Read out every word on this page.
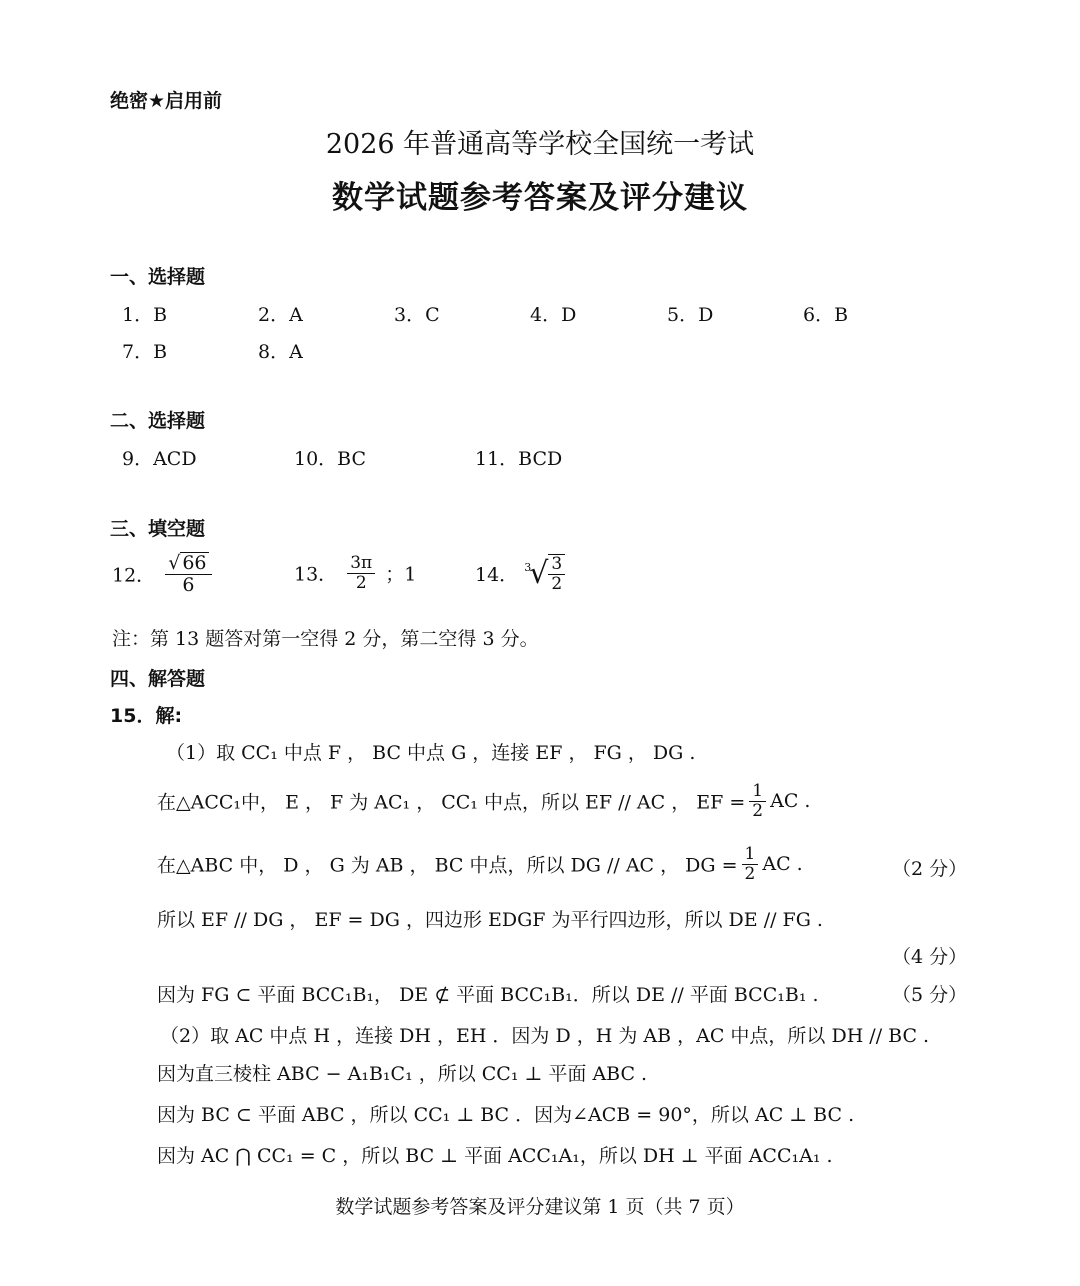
绝密★启用前
2026 年普通高等学校全国统一考试
数学试题参考答案及评分建议
一、选择题
1．B	2．A	3．C	4．D	5．D	6．B
7．B	8．A
二、选择题
9．ACD	10．BC	11．BCD
三、填空题
12． $\frac{√ 66}{6}$	13． $\frac{3\pi}{2}$ ；1	14． $^3√ \frac{3}{2}$
注：第 13 题答对第一空得 2 分，第二空得 3 分。
四、解答题
15．解:
（1）取 CC₁ 中点 F ， BC 中点 G ，连接 EF ， FG ， DG .
在△ACC₁中， E ， F 为 AC₁ ， CC₁ 中点，所以 EF // AC ， EF = $\frac{1}{2}$ AC .
在△ABC 中， D ， G 为 AB ， BC 中点，所以 DG // AC ， DG = $\frac{1}{2}$ AC .	（2 分）
所以 EF // DG ， EF = DG ，四边形 EDGF 为平行四边形，所以 DE // FG .
（4 分）
因为 FG ⊂ 平面 BCC₁B₁， DE ⊄ 平面 BCC₁B₁．所以 DE // 平面 BCC₁B₁ .	（5 分）
（2）取 AC 中点 H ，连接 DH ，EH ．因为 D ，H 为 AB ，AC 中点，所以 DH // BC .
因为直三棱柱 ABC − A₁B₁C₁ ，所以 CC₁ ⊥ 平面 ABC .
因为 BC ⊂ 平面 ABC ，所以 CC₁ ⊥ BC ．因为∠ACB = 90°，所以 AC ⊥ BC .
因为 AC ⋂ CC₁ = C ，所以 BC ⊥ 平面 ACC₁A₁，所以 DH ⊥ 平面 ACC₁A₁ .
数学试题参考答案及评分建议第 1 页（共 7 页）
